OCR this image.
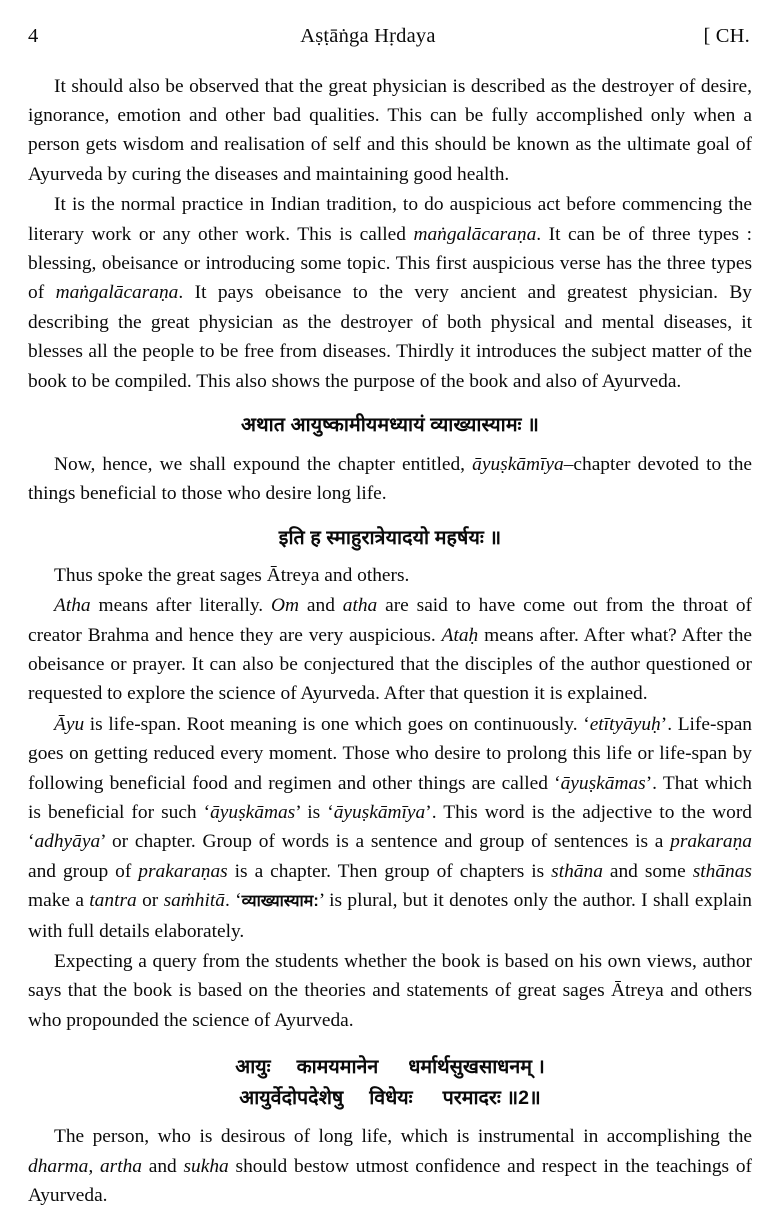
4	Aṣṭāṅga Hṛdaya	[ CH.

It should also be observed that the great physician is described as the destroyer of desire, ignorance, emotion and other bad qualities. This can be fully accomplished only when a person gets wisdom and realisation of self and this should be known as the ultimate goal of Ayurveda by curing the diseases and maintaining good health.

It is the normal practice in Indian tradition, to do auspicious act before commencing the literary work or any other work. This is called maṅgalācaraṇa. It can be of three types : blessing, obeisance or introducing some topic. This first auspicious verse has the three types of maṅgalācaraṇa. It pays obeisance to the very ancient and greatest physician. By describing the great physician as the destroyer of both physical and mental diseases, it blesses all the people to be free from diseases. Thirdly it introduces the subject matter of the book to be compiled. This also shows the purpose of the book and also of Ayurveda.

अथात आयुष्कामीयमध्यायं व्याख्यास्यामः ॥

Now, hence, we shall expound the chapter entitled, āyuṣkāmīya–chapter devoted to the things beneficial to those who desire long life.

इति ह स्माहुरात्रेयादयो महर्षयः ॥

Thus spoke the great sages Ātreya and others.

Atha means after literally. Om and atha are said to have come out from the throat of creator Brahma and hence they are very auspicious. Ataḥ means after. After what? After the obeisance or prayer. It can also be conjectured that the disciples of the author questioned or requested to explore the science of Ayurveda. After that question it is explained.

Āyu is life-span. Root meaning is one which goes on continuously. ‘etītyāyuḥ’. Life-span goes on getting reduced every moment. Those who desire to prolong this life or life-span by following beneficial food and regimen and other things are called ‘āyuṣkāmas’. That which is beneficial for such ‘āyuṣkāmas’ is ‘āyuṣkāmīya’. This word is the adjective to the word ‘adhyāya’ or chapter. Group of words is a sentence and group of sentences is a prakaraṇa and group of prakaraṇas is a chapter. Then group of chapters is sthāna and some sthānas make a tantra or saṁhitā. ‘व्याख्यास्याम:’ is plural, but it denotes only the author. I shall explain with full details elaborately.

Expecting a query from the students whether the book is based on his own views, author says that the book is based on the theories and statements of great sages Ātreya and others who propounded the science of Ayurveda.

आयुः कामयमानेन धर्मार्थसुखसाधनम् ।
आयुर्वेदोपदेशेषु विधेयः परमादरः ॥2॥

The person, who is desirous of long life, which is instrumental in accomplishing the dharma, artha and sukha should bestow utmost confidence and respect in the teachings of Ayurveda.
